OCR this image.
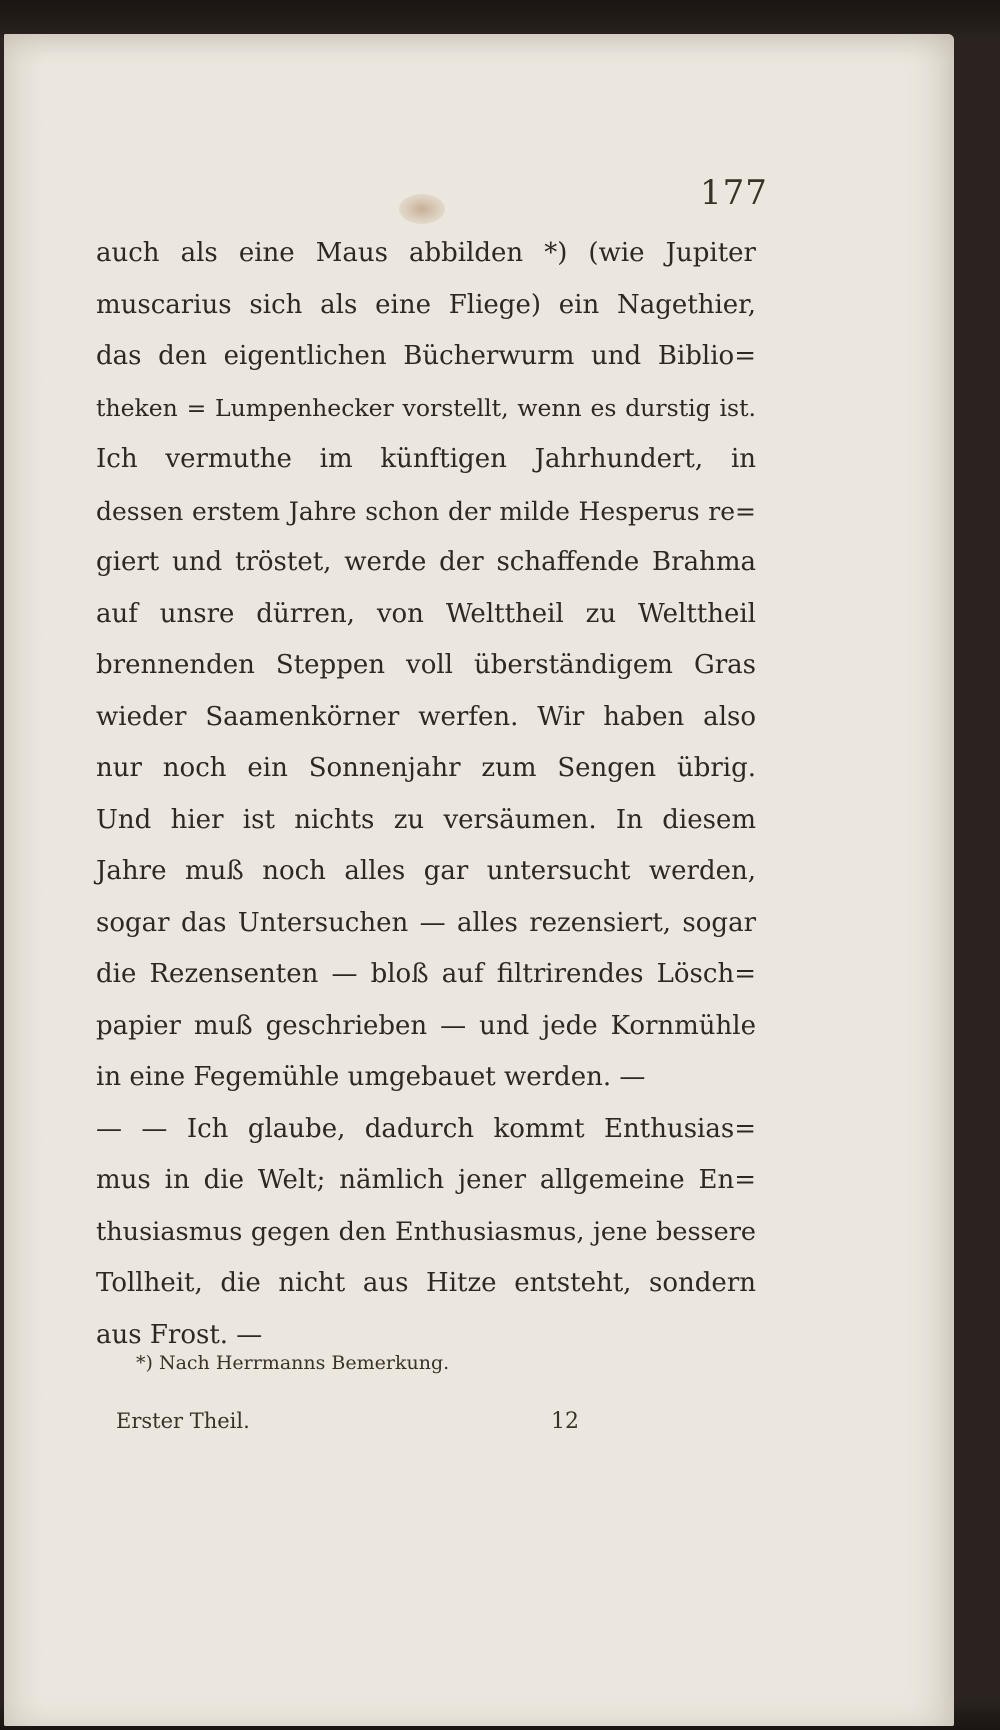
177
auch als eine Maus abbilden *) (wie Jupiter
muscarius sich als eine Fliege) ein Nagethier,
das den eigentlichen Bücherwurm und Biblio=
theken = Lumpenhecker vorstellt, wenn es durstig ist.
Ich vermuthe im künftigen Jahrhundert, in
dessen erstem Jahre schon der milde Hesperus re=
giert und tröstet, werde der schaffende Brahma
auf unsre dürren, von Welttheil zu Welttheil
brennenden Steppen voll überständigem Gras
wieder Saamenkörner werfen. Wir haben also
nur noch ein Sonnenjahr zum Sengen übrig.
Und hier ist nichts zu versäumen. In diesem
Jahre muß noch alles gar untersucht werden,
sogar das Untersuchen — alles rezensiert, sogar
die Rezensenten — bloß auf filtrirendes Lösch=
papier muß geschrieben — und jede Kornmühle
in eine Fegemühle umgebauet werden. —
— — Ich glaube, dadurch kommt Enthusias=
mus in die Welt; nämlich jener allgemeine En=
thusiasmus gegen den Enthusiasmus, jene bessere
Tollheit, die nicht aus Hitze entsteht, sondern
aus Frost. —
*) Nach Herrmanns Bemerkung.
Erster Theil.	12
